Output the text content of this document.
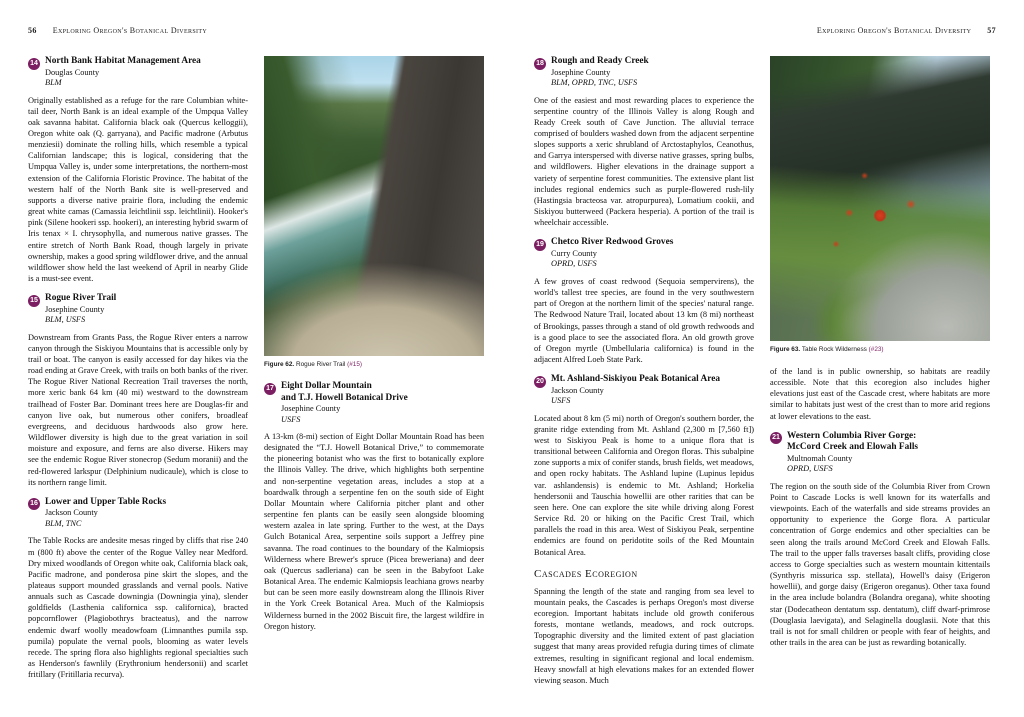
56 Exploring Oregon's Botanical Diversity
14 North Bank Habitat Management Area
Douglas County
BLM

Originally established as a refuge for the rare Columbian white-tail deer, North Bank is an ideal example of the Umpqua Valley oak savanna habitat. California black oak (Quercus kelloggii), Oregon white oak (Q. garryana), and Pacific madrone (Arbutus menziesii) dominate the rolling hills, which resemble a typical Californian landscape; this is logical, considering that the Umpqua Valley is, under some interpretations, the northern-most extension of the California Floristic Province. The habitat of the western half of the North Bank site is well-preserved and supports a diverse native prairie flora, including the endemic great white camas (Camassia leichtlinii ssp. leichtlinii). Hooker's pink (Silene hookeri ssp. hookeri), an interesting hybrid swarm of Iris tenax × I. chrysophylla, and numerous native grasses. The entire stretch of North Bank Road, though largely in private ownership, makes a good spring wildflower drive, and the annual wildflower show held the last weekend of April in nearby Glide is a must-see event.

15 Rogue River Trail
Josephine County
BLM, USFS

Downstream from Grants Pass, the Rogue River enters a narrow canyon through the Siskiyou Mountains that is accessible only by trail or boat. The canyon is easily accessed for day hikes via the road ending at Grave Creek, with trails on both banks of the river. The Rogue River National Recreation Trail traverses the north, more xeric bank 64 km (40 mi) westward to the downstream trailhead of Foster Bar. Dominant trees here are Douglas-fir and canyon live oak, but numerous other conifers, broadleaf evergreens, and deciduous hardwoods also grow here. Wildflower diversity is high due to the great variation in soil moisture and exposure, and ferns are also diverse. Hikers may see the endemic Rogue River stonecrop (Sedum moranii) and the red-flowered larkspur (Delphinium nudicaule), which is close to its northern range limit.

16 Lower and Upper Table Rocks
Jackson County
BLM, TNC

The Table Rocks are andesite mesas ringed by cliffs that rise 240 m (800 ft) above the center of the Rogue Valley near Medford. Dry mixed woodlands of Oregon white oak, California black oak, Pacific madrone, and ponderosa pine skirt the slopes, and the plateaus support mounded grasslands and vernal pools. Native annuals such as Cascade downingia (Downingia yina), slender goldfields (Lasthenia californica ssp. californica), bracted popcornflower (Plagiobothrys bracteatus), and the narrow endemic dwarf woolly meadowfoam (Limnanthes pumila ssp. pumila) populate the vernal pools, blooming as water levels recede. The spring flora also highlights regional specialties such as Henderson's fawnlily (Erythronium hendersonii) and scarlet fritillary (Fritillaria recurva).

Figure 62. Rogue River Trail (#15)
17 Eight Dollar Mountain
and T.J. Howell Botanical Drive
Josephine County
USFS

A 13-km (8-mi) section of Eight Dollar Mountain Road has been designated the “T.J. Howell Botanical Drive,” to commemorate the pioneering botanist who was the first to botanically explore the Illinois Valley. The drive, which highlights both serpentine and non-serpentine vegetation areas, includes a stop at a boardwalk through a serpentine fen on the south side of Eight Dollar Mountain where California pitcher plant and other serpentine fen plants can be easily seen alongside blooming western azalea in late spring. Further to the west, at the Days Gulch Botanical Area, serpentine soils support a Jeffrey pine savanna. The road continues to the boundary of the Kalmiopsis Wilderness where Brewer's spruce (Picea breweriana) and deer oak (Quercus sadleriana) can be seen in the Babyfoot Lake Botanical Area. The endemic Kalmiopsis leachiana grows nearby but can be seen more easily downstream along the Illinois River in the York Creek Botanical Area. Much of the Kalmiopsis Wilderness burned in the 2002 Biscuit fire, the largest wildfire in Oregon history.

Exploring Oregon's Botanical Diversity 57
18 Rough and Ready Creek
Josephine County
BLM, OPRD, TNC, USFS

One of the easiest and most rewarding places to experience the serpentine country of the Illinois Valley is along Rough and Ready Creek south of Cave Junction. The alluvial terrace comprised of boulders washed down from the adjacent serpentine slopes supports a xeric shrubland of Arctostaphylos, Ceanothus, and Garrya interspersed with diverse native grasses, spring bulbs, and wildflowers. Higher elevations in the drainage support a variety of serpentine forest communities. The extensive plant list includes regional endemics such as purple-flowered rush-lily (Hastingsia bracteosa var. atropurpurea), Lomatium cookii, and Siskiyou butterweed (Packera hesperia). A portion of the trail is wheelchair accessible.

19 Chetco River Redwood Groves
Curry County
OPRD, USFS

A few groves of coast redwood (Sequoia sempervirens), the world's tallest tree species, are found in the very southwestern part of Oregon at the northern limit of the species' natural range. The Redwood Nature Trail, located about 13 km (8 mi) northeast of Brookings, passes through a stand of old growth redwoods and is a good place to see the associated flora. An old growth grove of Oregon myrtle (Umbellularia californica) is found in the adjacent Alfred Loeb State Park.

20 Mt. Ashland-Siskiyou Peak Botanical Area
Jackson County
USFS

Located about 8 km (5 mi) north of Oregon's southern border, the granite ridge extending from Mt. Ashland (2,300 m [7,560 ft]) west to Siskiyou Peak is home to a unique flora that is transitional between California and Oregon floras. This subalpine zone supports a mix of conifer stands, brush fields, wet meadows, and open rocky habitats. The Ashland lupine (Lupinus lepidus var. ashlandensis) is endemic to Mt. Ashland; Horkelia hendersonii and Tauschia howellii are other rarities that can be seen here. One can explore the site while driving along Forest Service Rd. 20 or hiking on the Pacific Crest Trail, which parallels the road in this area. West of Siskiyou Peak, serpentine endemics are found on peridotite soils of the Red Mountain Botanical Area.

Cascades Ecoregion

Spanning the length of the state and ranging from sea level to mountain peaks, the Cascades is perhaps Oregon's most diverse ecoregion. Important habitats include old growth coniferous forests, montane wetlands, meadows, and rock outcrops. Topographic diversity and the limited extent of past glaciation suggest that many areas provided refugia during times of climate extremes, resulting in significant regional and local endemism. Heavy snowfall at high elevations makes for an extended flower viewing season. Much

Figure 63. Table Rock Wilderness (#23)

of the land is in public ownership, so habitats are readily accessible. Note that this ecoregion also includes higher elevations just east of the Cascade crest, where habitats are more similar to habitats just west of the crest than to more arid regions at lower elevations to the east.

21 Western Columbia River Gorge:
McCord Creek and Elowah Falls
Multnomah County
OPRD, USFS

The region on the south side of the Columbia River from Crown Point to Cascade Locks is well known for its waterfalls and viewpoints. Each of the waterfalls and side streams provides an opportunity to experience the Gorge flora. A particular concentration of Gorge endemics and other specialties can be seen along the trails around McCord Creek and Elowah Falls. The trail to the upper falls traverses basalt cliffs, providing close access to Gorge specialties such as western mountain kittentails (Synthyris missurica ssp. stellata), Howell's daisy (Erigeron howellii), and gorge daisy (Erigeron oreganus). Other taxa found in the area include bolandra (Bolandra oregana), white shooting star (Dodecatheon dentatum ssp. dentatum), cliff dwarf-primrose (Douglasia laevigata), and Selaginella douglasii. Note that this trail is not for small children or people with fear of heights, and other trails in the area can be just as rewarding botanically.
